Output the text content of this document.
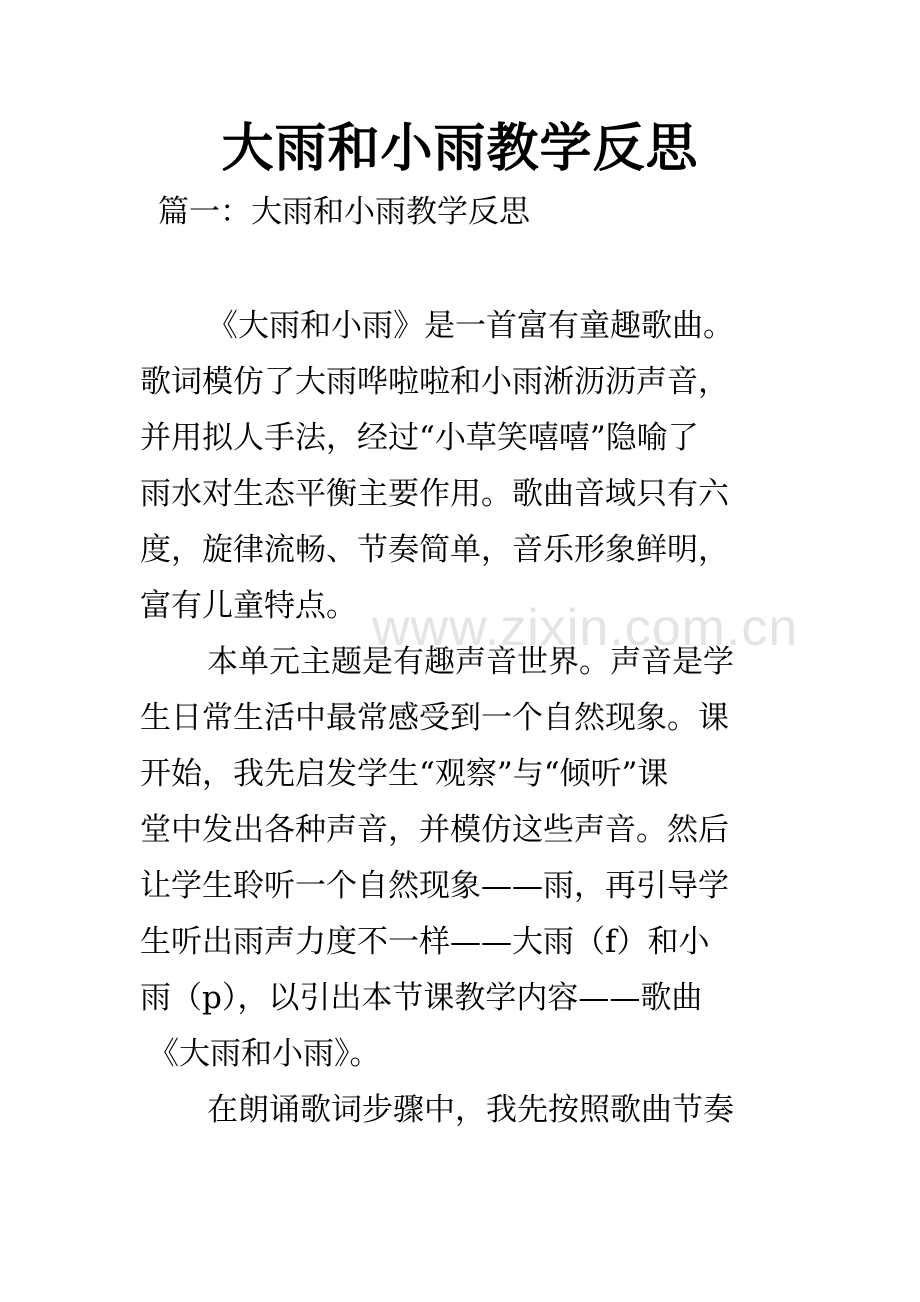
www.zixin.com.cn
大雨和小雨教学反思
篇一：大雨和小雨教学反思
《大雨和小雨》是一首富有童趣歌曲。
歌词模仿了大雨哗啦啦和小雨淅沥沥声音，
并用拟人手法，经过“小草笑嘻嘻”隐喻了
雨水对生态平衡主要作用。歌曲音域只有六
度，旋律流畅、节奏简单，音乐形象鲜明，
富有儿童特点。
本单元主题是有趣声音世界。声音是学
生日常生活中最常感受到一个自然现象。课
开始，我先启发学生“观察”与“倾听”课
堂中发出各种声音，并模仿这些声音。然后
让学生聆听一个自然现象——雨，再引导学
生听出雨声力度不一样——大雨（f）和小
雨（p），以引出本节课教学内容——歌曲
《大雨和小雨》。
在朗诵歌词步骤中，我先按照歌曲节奏
